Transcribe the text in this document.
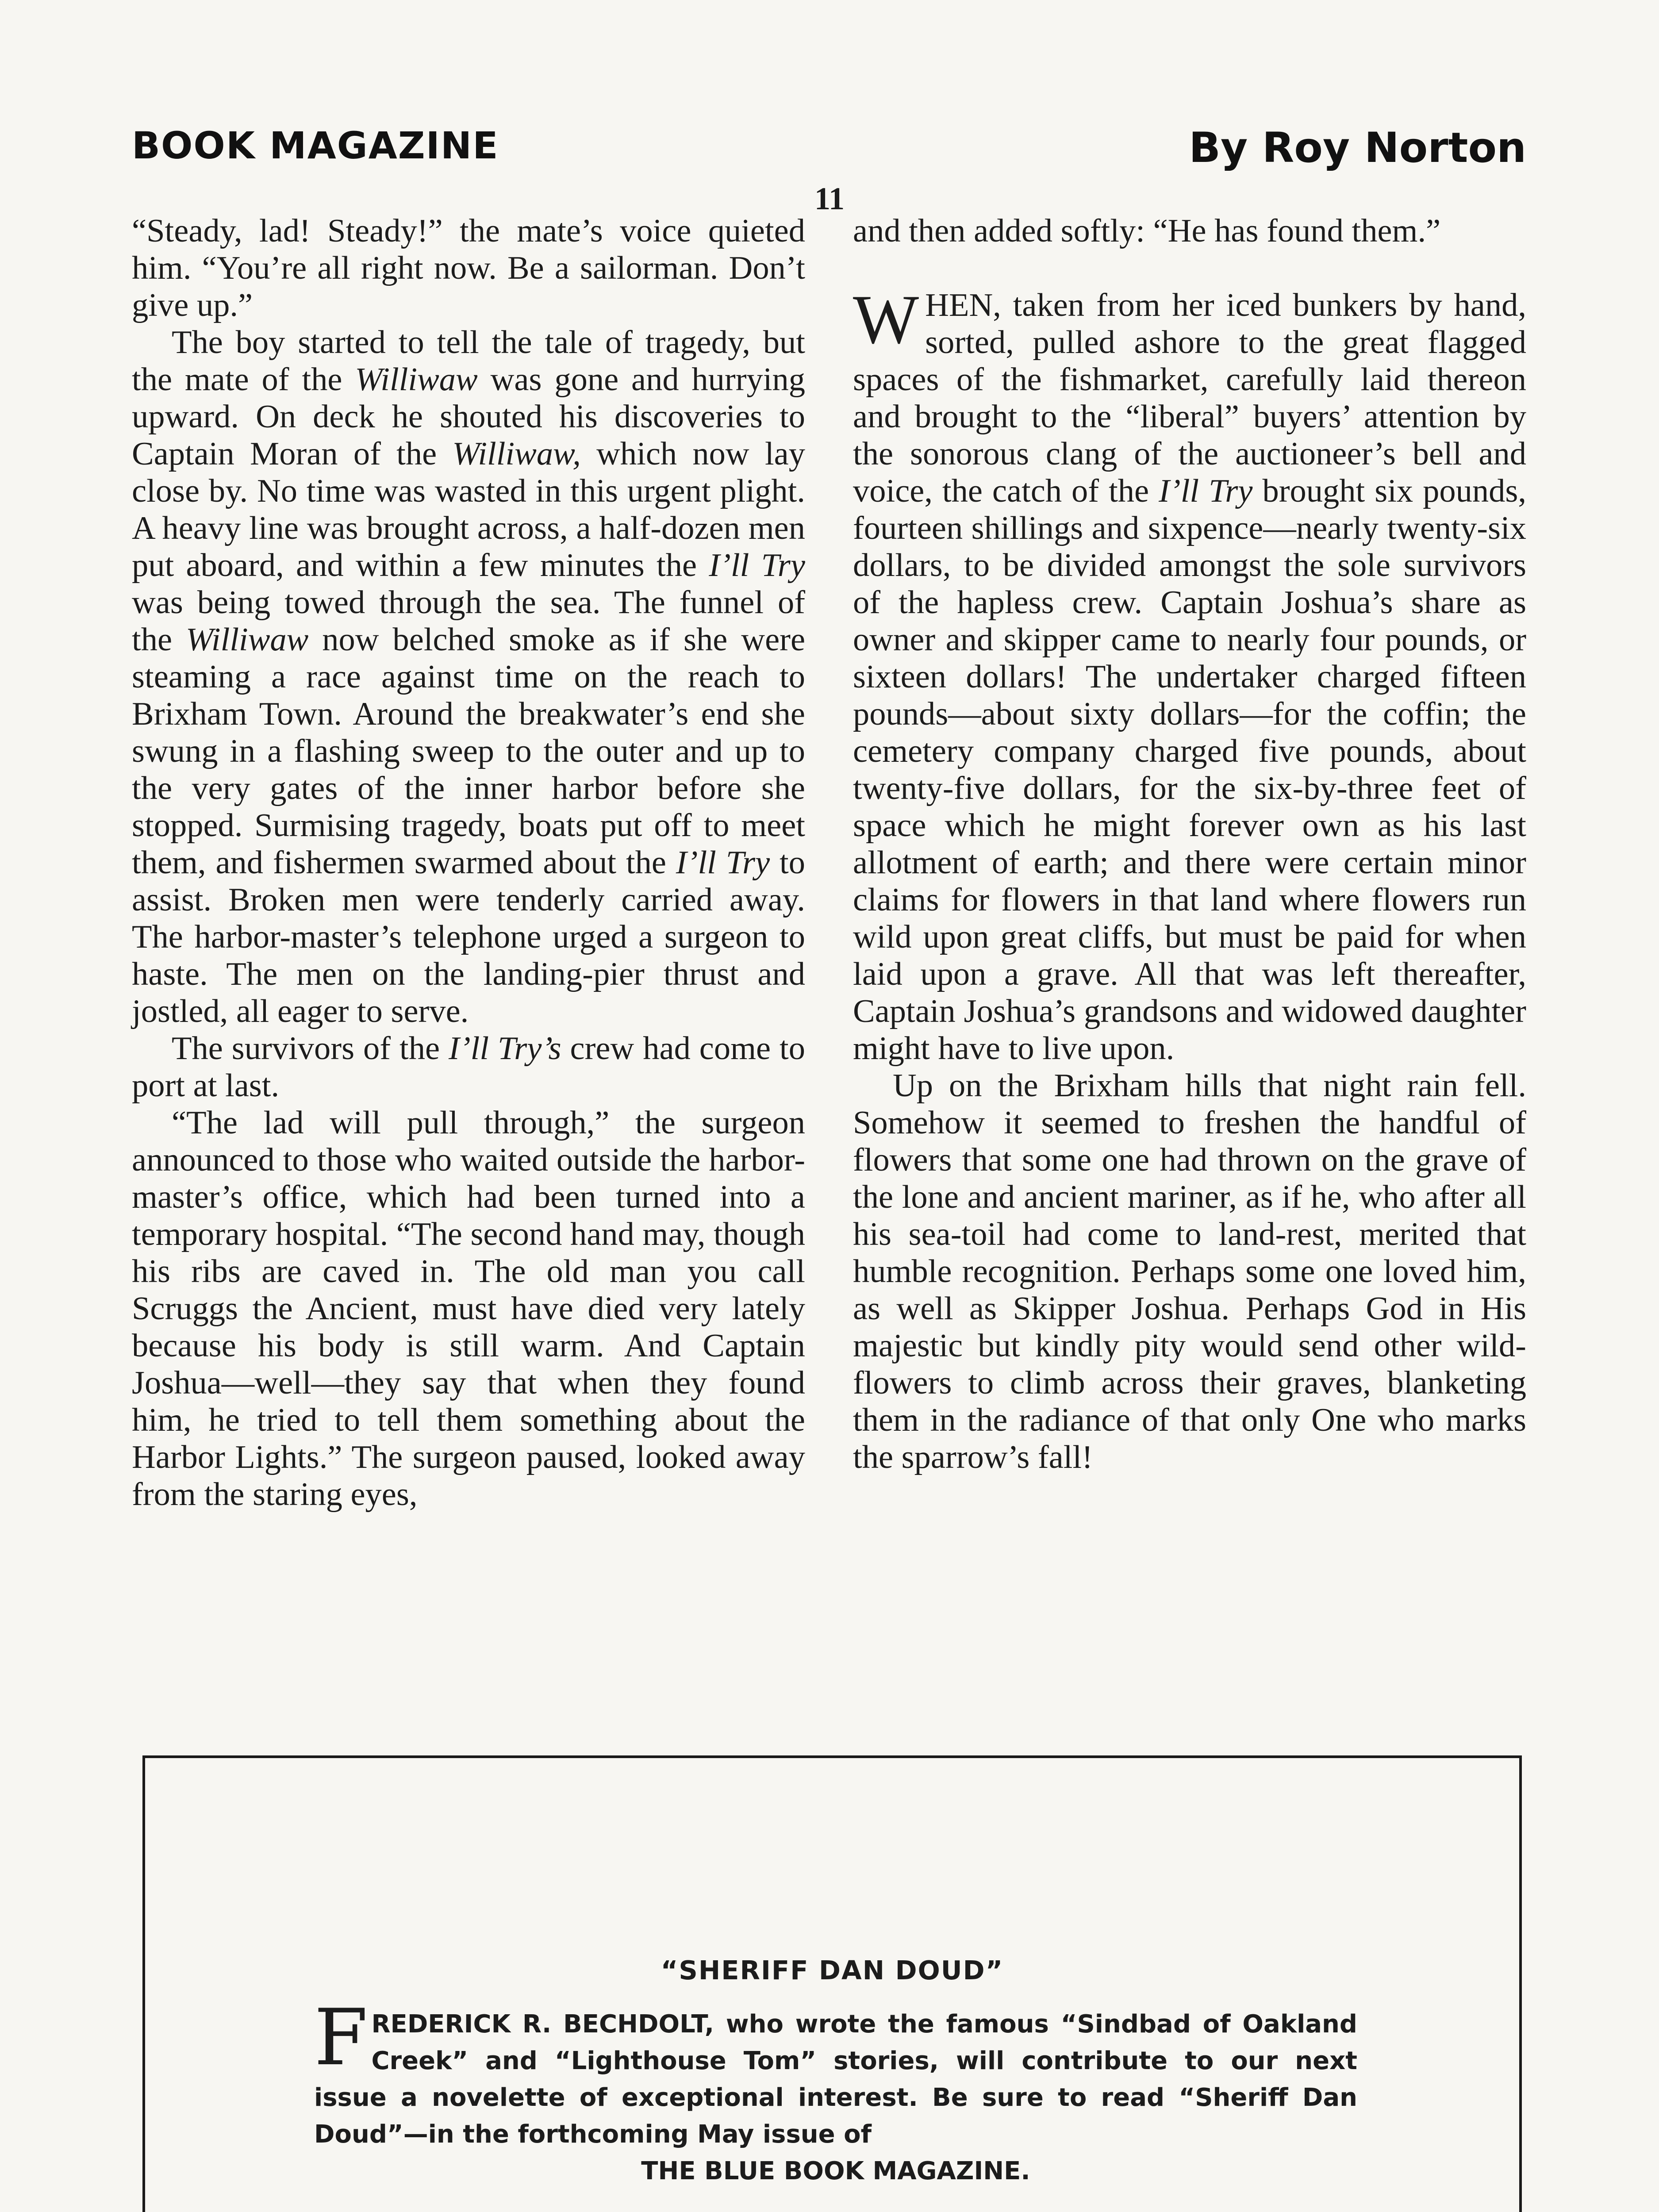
BOOK MAGAZINE	By Roy Norton
11

“Steady, lad! Steady!” the mate’s voice quieted him. “You’re all right now. Be a sailorman. Don’t give up.”

The boy started to tell the tale of tragedy, but the mate of the Williwaw was gone and hurrying upward. On deck he shouted his discoveries to Captain Moran of the Williwaw, which now lay close by. No time was wasted in this urgent plight. A heavy line was brought across, a half-dozen men put aboard, and within a few minutes the I’ll Try was being towed through the sea. The funnel of the Williwaw now belched smoke as if she were steaming a race against time on the reach to Brixham Town. Around the breakwater’s end she swung in a flashing sweep to the outer and up to the very gates of the inner harbor before she stopped. Surmising tragedy, boats put off to meet them, and fishermen swarmed about the I’ll Try to assist. Broken men were tenderly carried away. The harbor-master’s telephone urged a surgeon to haste. The men on the landing-pier thrust and jostled, all eager to serve.

The survivors of the I’ll Try’s crew had come to port at last.

“The lad will pull through,” the surgeon announced to those who waited outside the harbor-master’s office, which had been turned into a temporary hospital. “The second hand may, though his ribs are caved in. The old man you call Scruggs the Ancient, must have died very lately because his body is still warm. And Captain Joshua—well—they say that when they found him, he tried to tell them something about the Harbor Lights.” The surgeon paused, looked away from the staring eyes,

and then added softly: “He has found them.”

WHEN, taken from her iced bunkers by hand, sorted, pulled ashore to the great flagged spaces of the fishmarket, carefully laid thereon and brought to the “liberal” buyers’ attention by the sonorous clang of the auctioneer’s bell and voice, the catch of the I’ll Try brought six pounds, fourteen shillings and sixpence—nearly twenty-six dollars, to be divided amongst the sole survivors of the hapless crew. Captain Joshua’s share as owner and skipper came to nearly four pounds, or sixteen dollars! The undertaker charged fifteen pounds—about sixty dollars—for the coffin; the cemetery company charged five pounds, about twenty-five dollars, for the six-by-three feet of space which he might forever own as his last allotment of earth; and there were certain minor claims for flowers in that land where flowers run wild upon great cliffs, but must be paid for when laid upon a grave. All that was left thereafter, Captain Joshua’s grandsons and widowed daughter might have to live upon.

Up on the Brixham hills that night rain fell. Somehow it seemed to freshen the handful of flowers that some one had thrown on the grave of the lone and ancient mariner, as if he, who after all his sea-toil had come to land-rest, merited that humble recognition. Perhaps some one loved him, as well as Skipper Joshua. Perhaps God in His majestic but kindly pity would send other wild-flowers to climb across their graves, blanketing them in the radiance of that only One who marks the sparrow’s fall!

“SHERIFF DAN DOUD”
FREDERICK R. BECHDOLT, who wrote the famous “Sindbad of Oakland Creek” and “Lighthouse Tom” stories, will contribute to our next issue a novelette of exceptional interest. Be sure to read “Sheriff Dan Doud”—in the forthcoming May issue of
THE BLUE BOOK MAGAZINE.
